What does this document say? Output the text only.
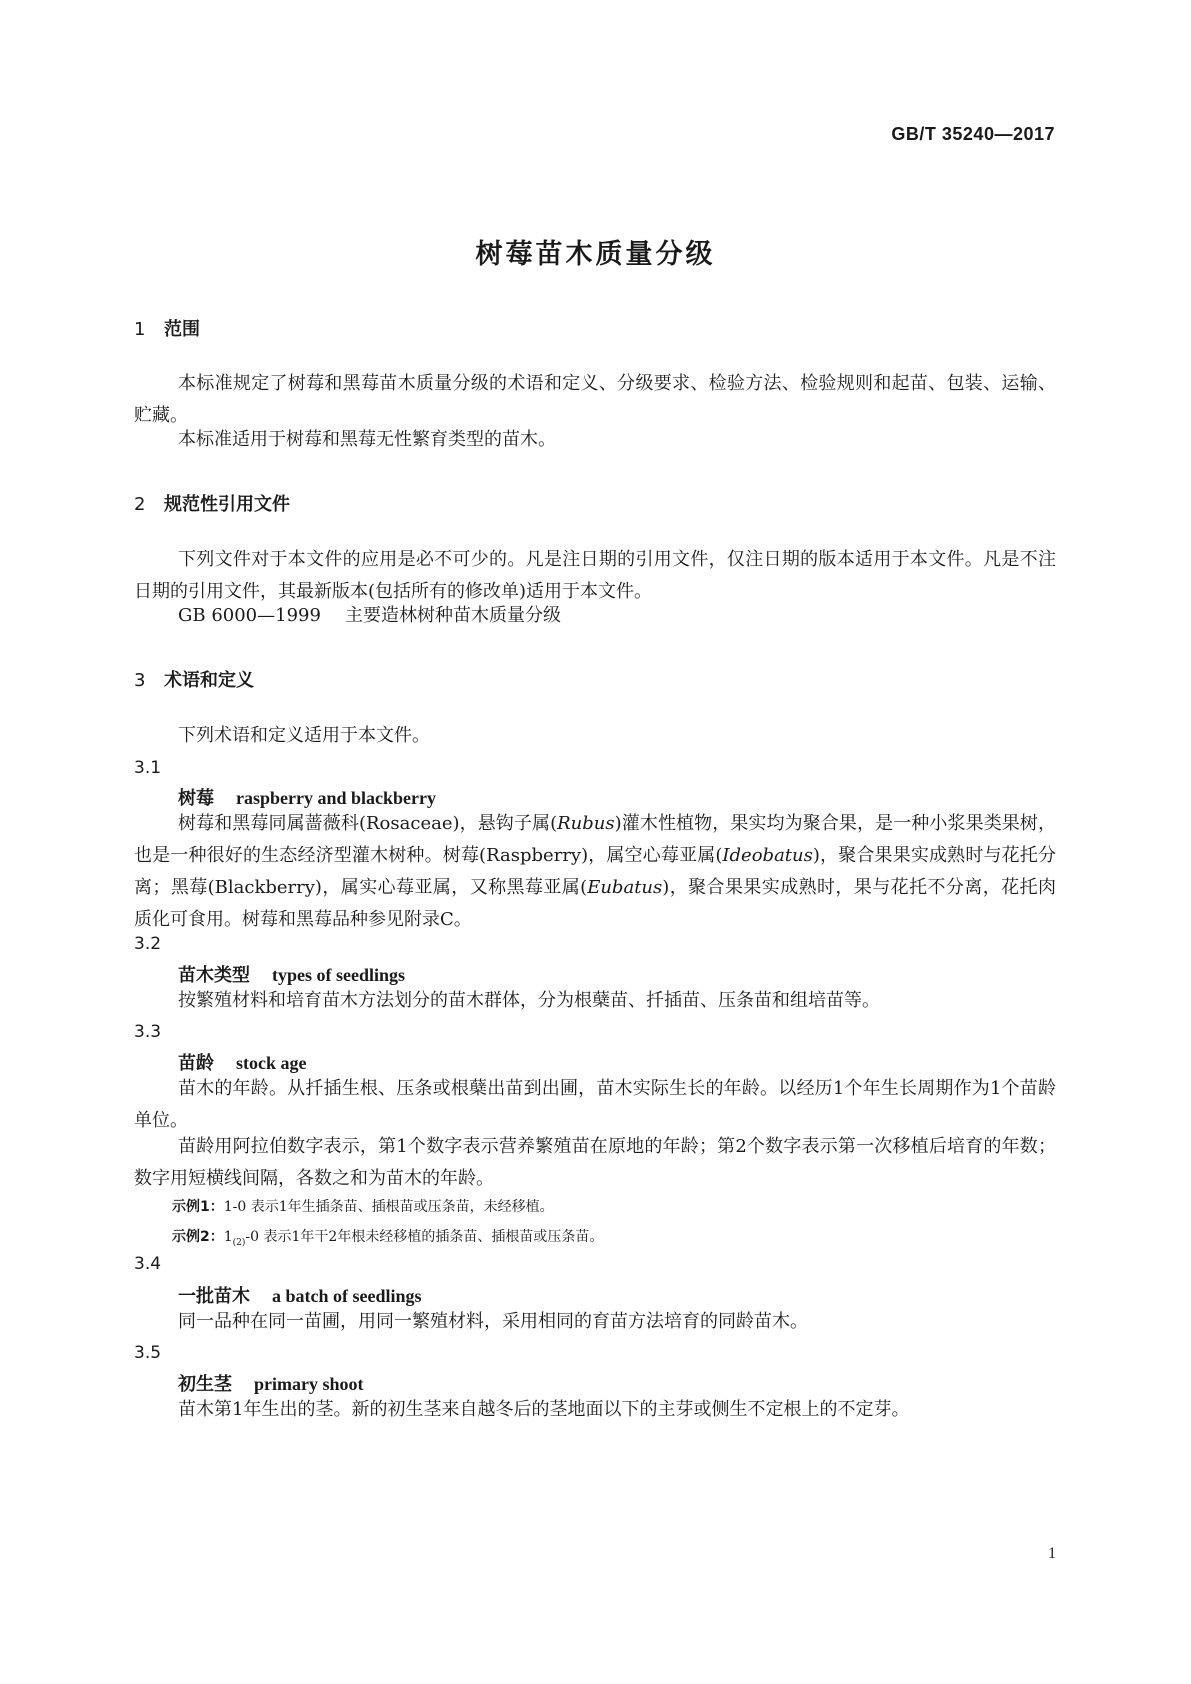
GB/T 35240—2017
树莓苗木质量分级
1 范围

本标准规定了树莓和黑莓苗木质量分级的术语和定义、分级要求、检验方法、检验规则和起苗、包装、运输、贮藏。

本标准适用于树莓和黑莓无性繁育类型的苗木。
2 规范性引用文件

下列文件对于本文件的应用是必不可少的。凡是注日期的引用文件，仅注日期的版本适用于本文件。凡是不注日期的引用文件，其最新版本(包括所有的修改单)适用于本文件。

GB 6000—1999 主要造林树种苗木质量分级
3 术语和定义
下列术语和定义适用于本文件。
3.1
树莓 raspberry and blackberry

树莓和黑莓同属蔷薇科(Rosaceae)，悬钩子属(Rubus)灌木性植物，果实均为聚合果，是一种小浆果类果树，也是一种很好的生态经济型灌木树种。树莓(Raspberry)，属空心莓亚属(Ideobatus)，聚合果果实成熟时与花托分离；黑莓(Blackberry)，属实心莓亚属，又称黑莓亚属(Eubatus)，聚合果果实成熟时，果与花托不分离，花托肉质化可食用。树莓和黑莓品种参见附录C。

3.2
苗木类型 types of seedlings
按繁殖材料和培育苗木方法划分的苗木群体，分为根蘖苗、扦插苗、压条苗和组培苗等。
3.3
苗龄 stock age

苗木的年龄。从扦插生根、压条或根蘖出苗到出圃，苗木实际生长的年龄。以经历1个年生长周期作为1个苗龄单位。

苗龄用阿拉伯数字表示，第1个数字表示营养繁殖苗在原地的年龄；第2个数字表示第一次移植后培育的年数；数字用短横线间隔，各数之和为苗木的年龄。

示例1：1-0 表示1年生插条苗、插根苗或压条苗，未经移植。
示例2：$1_{(2)}-0$ 表示1年干2年根未经移植的插条苗、插根苗或压条苗。
3.4
一批苗木 a batch of seedlings
同一品种在同一苗圃，用同一繁殖材料，采用相同的育苗方法培育的同龄苗木。
3.5
初生茎 primary shoot
苗木第1年生出的茎。新的初生茎来自越冬后的茎地面以下的主芽或侧生不定根上的不定芽。
1
